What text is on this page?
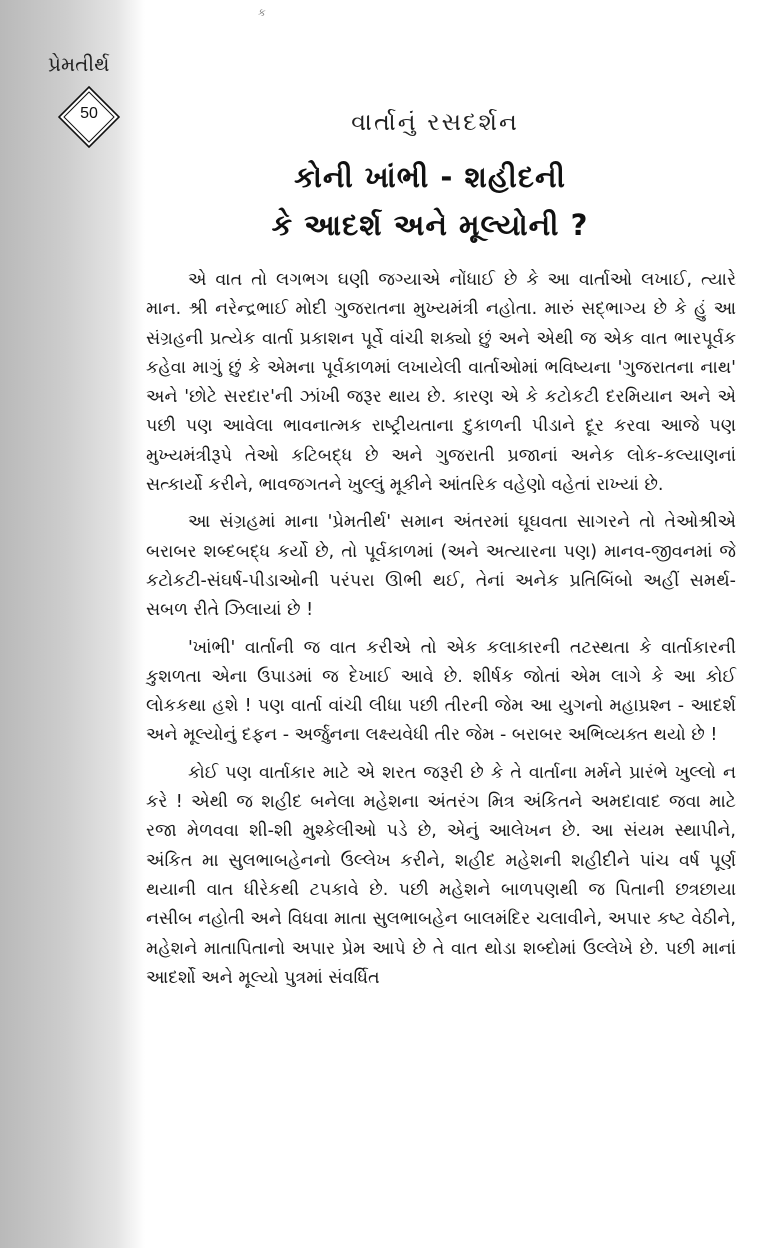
ક
પ્રેમતીર્થ
50	વાર્તાનું રસદર્શન
કોની ખાંભી - શહીદની
કે આદર્શ અને મૂલ્યોની ?

એ વાત તો લગભગ ઘણી જગ્યાએ નોંધાઈ છે કે આ વાર્તાઓ લખાઈ, ત્યારે માન. શ્રી નરેન્દ્રભાઈ મોદી ગુજરાતના મુખ્યમંત્રી નહોતા. મારું સદ્ભાગ્ય છે કે હું આ સંગ્રહની પ્રત્યેક વાર્તા પ્રકાશન પૂર્વે વાંચી શક્યો છું અને એથી જ એક વાત ભારપૂર્વક કહેવા માગું છું કે એમના પૂર્વકાળમાં લખાયેલી વાર્તાઓમાં ભવિષ્યના 'ગુજરાતના નાથ' અને 'છોટે સરદાર'ની ઝાંખી જરૂર થાય છે. કારણ એ કે કટોકટી દરમિયાન અને એ પછી પણ આવેલા ભાવનાત્મક રાષ્ટ્રીયતાના દુકાળની પીડાને દૂર કરવા આજે પણ મુખ્યમંત્રીરૂપે તેઓ કટિબદ્ધ છે અને ગુજરાતી પ્રજાનાં અનેક લોક-કલ્યાણનાં સત્કાર્યો કરીને, ભાવજગતને ખુલ્લું મૂકીને આંતરિક વહેણો વહેતાં રાખ્યાં છે.

આ સંગ્રહમાં માના 'પ્રેમતીર્થ' સમાન અંતરમાં ઘૂઘવતા સાગરને તો તેઓશ્રીએ બરાબર શબ્દબદ્ધ કર્યો છે, તો પૂર્વકાળમાં (અને અત્યારના પણ) માનવ-જીવનમાં જે કટોકટી-સંઘર્ષ-પીડાઓની પરંપરા ઊભી થઈ, તેનાં અનેક પ્રતિબિંબો અહીં સમર્થ-સબળ રીતે ઝિલાયાં છે !

'ખાંભી' વાર્તાની જ વાત કરીએ તો એક કલાકારની તટસ્થતા કે વાર્તાકારની કુશળતા એના ઉપાડમાં જ દેખાઈ આવે છે. શીર્ષક જોતાં એમ લાગે કે આ કોઈ લોકકથા હશે ! પણ વાર્તા વાંચી લીધા પછી તીરની જેમ આ યુગનો મહાપ્રશ્ન - આદર્શ અને મૂલ્યોનું દફન - અર્જુનના લક્ષ્યવેધી તીર જેમ - બરાબર અભિવ્યક્ત થયો છે !

કોઈ પણ વાર્તાકાર માટે એ શરત જરૂરી છે કે તે વાર્તાના મર્મને પ્રારંભે ખુલ્લો ન કરે ! એથી જ શહીદ બનેલા મહેશના અંતરંગ મિત્ર અંકિતને અમદાવાદ જવા માટે રજા મેળવવા શી-શી મુશ્કેલીઓ પડે છે, એનું આલેખન છે. આ સંયમ સ્થાપીને, અંકિત મા સુલભાબહેનનો ઉલ્લેખ કરીને, શહીદ મહેશની શહીદીને પાંચ વર્ષ પૂર્ણ થયાની વાત ધીરેકથી ટપકાવે છે. પછી મહેશને બાળપણથી જ પિતાની છત્રછાયા નસીબ નહોતી અને વિધવા માતા સુલભાબહેન બાલમંદિર ચલાવીને, અપાર કષ્ટ વેઠીને, મહેશને માતાપિતાનો અપાર પ્રેમ આપે છે તે વાત થોડા શબ્દોમાં ઉલ્લેખે છે. પછી માનાં આદર્શો અને મૂલ્યો પુત્રમાં સંવર્ધિત
